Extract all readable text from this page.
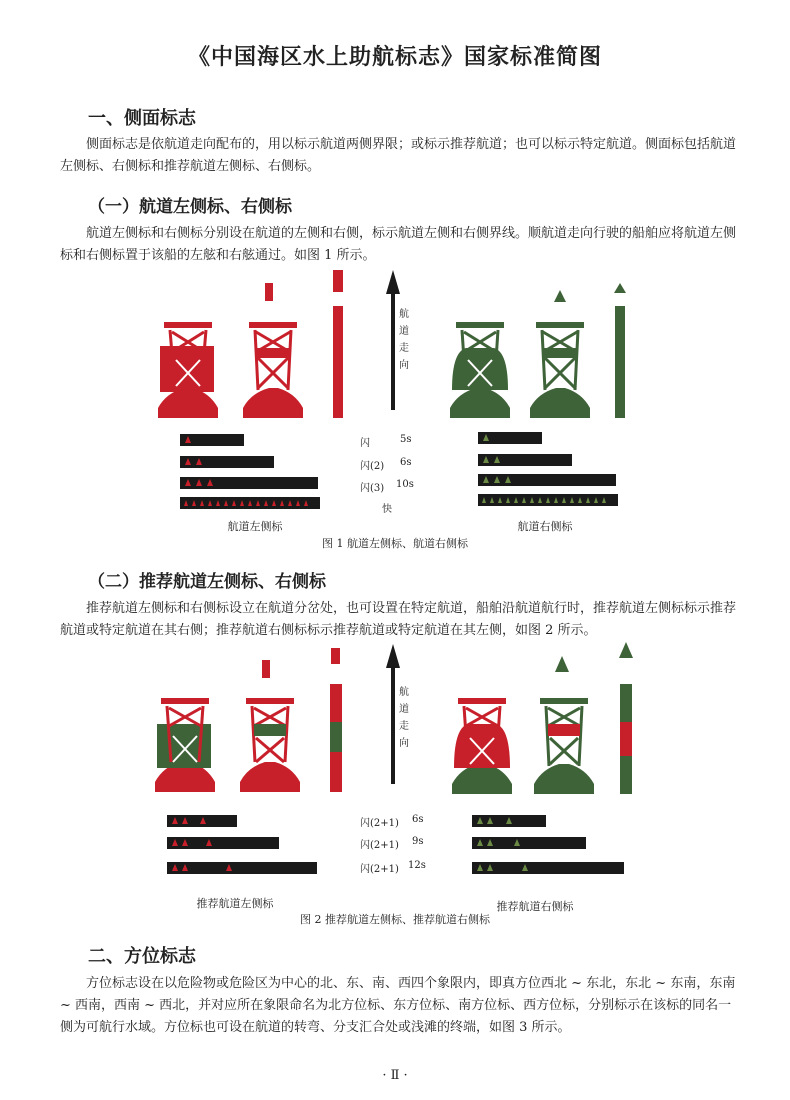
《中国海区水上助航标志》国家标准简图
一、侧面标志
侧面标志是依航道走向配布的，用以标示航道两侧界限；或标示推荐航道；也可以标示特定航道。侧面标包括航道左侧标、右侧标和推荐航道左侧标、右侧标。
（一）航道左侧标、右侧标
航道左侧标和右侧标分别设在航道的左侧和右侧，标示航道左侧和右侧界线。顺航道走向行驶的船舶应将航道左侧标和右侧标置于该船的左舷和右舷通过。如图 1 所示。
航
道
走
向
闪	5s
闪(2) 6s
闪(3) 10s
快
航道左侧标	航道右侧标
图 1 航道左侧标、航道右侧标
（二）推荐航道左侧标、右侧标
推荐航道左侧标和右侧标设立在航道分岔处，也可设置在特定航道，船舶沿航道航行时，推荐航道左侧标标示推荐航道或特定航道在其右侧；推荐航道右侧标标示推荐航道或特定航道在其左侧，如图 2 所示。
航
道
走
向
闪(2+1) 6s
闪(2+1) 9s
闪(2+1) 12s
推荐航道左侧标	推荐航道右侧标
图 2 推荐航道左侧标、推荐航道右侧标
二、方位标志
方位标志设在以危险物或危险区为中心的北、东、南、西四个象限内，即真方位西北 ~ 东北，东北 ~ 东南，东南 ~ 西南，西南 ~ 西北，并对应所在象限命名为北方位标、东方位标、南方位标、西方位标，分别标示在该标的同名一侧为可航行水域。方位标也可设在航道的转弯、分支汇合处或浅滩的终端，如图 3 所示。
· Ⅱ ·
